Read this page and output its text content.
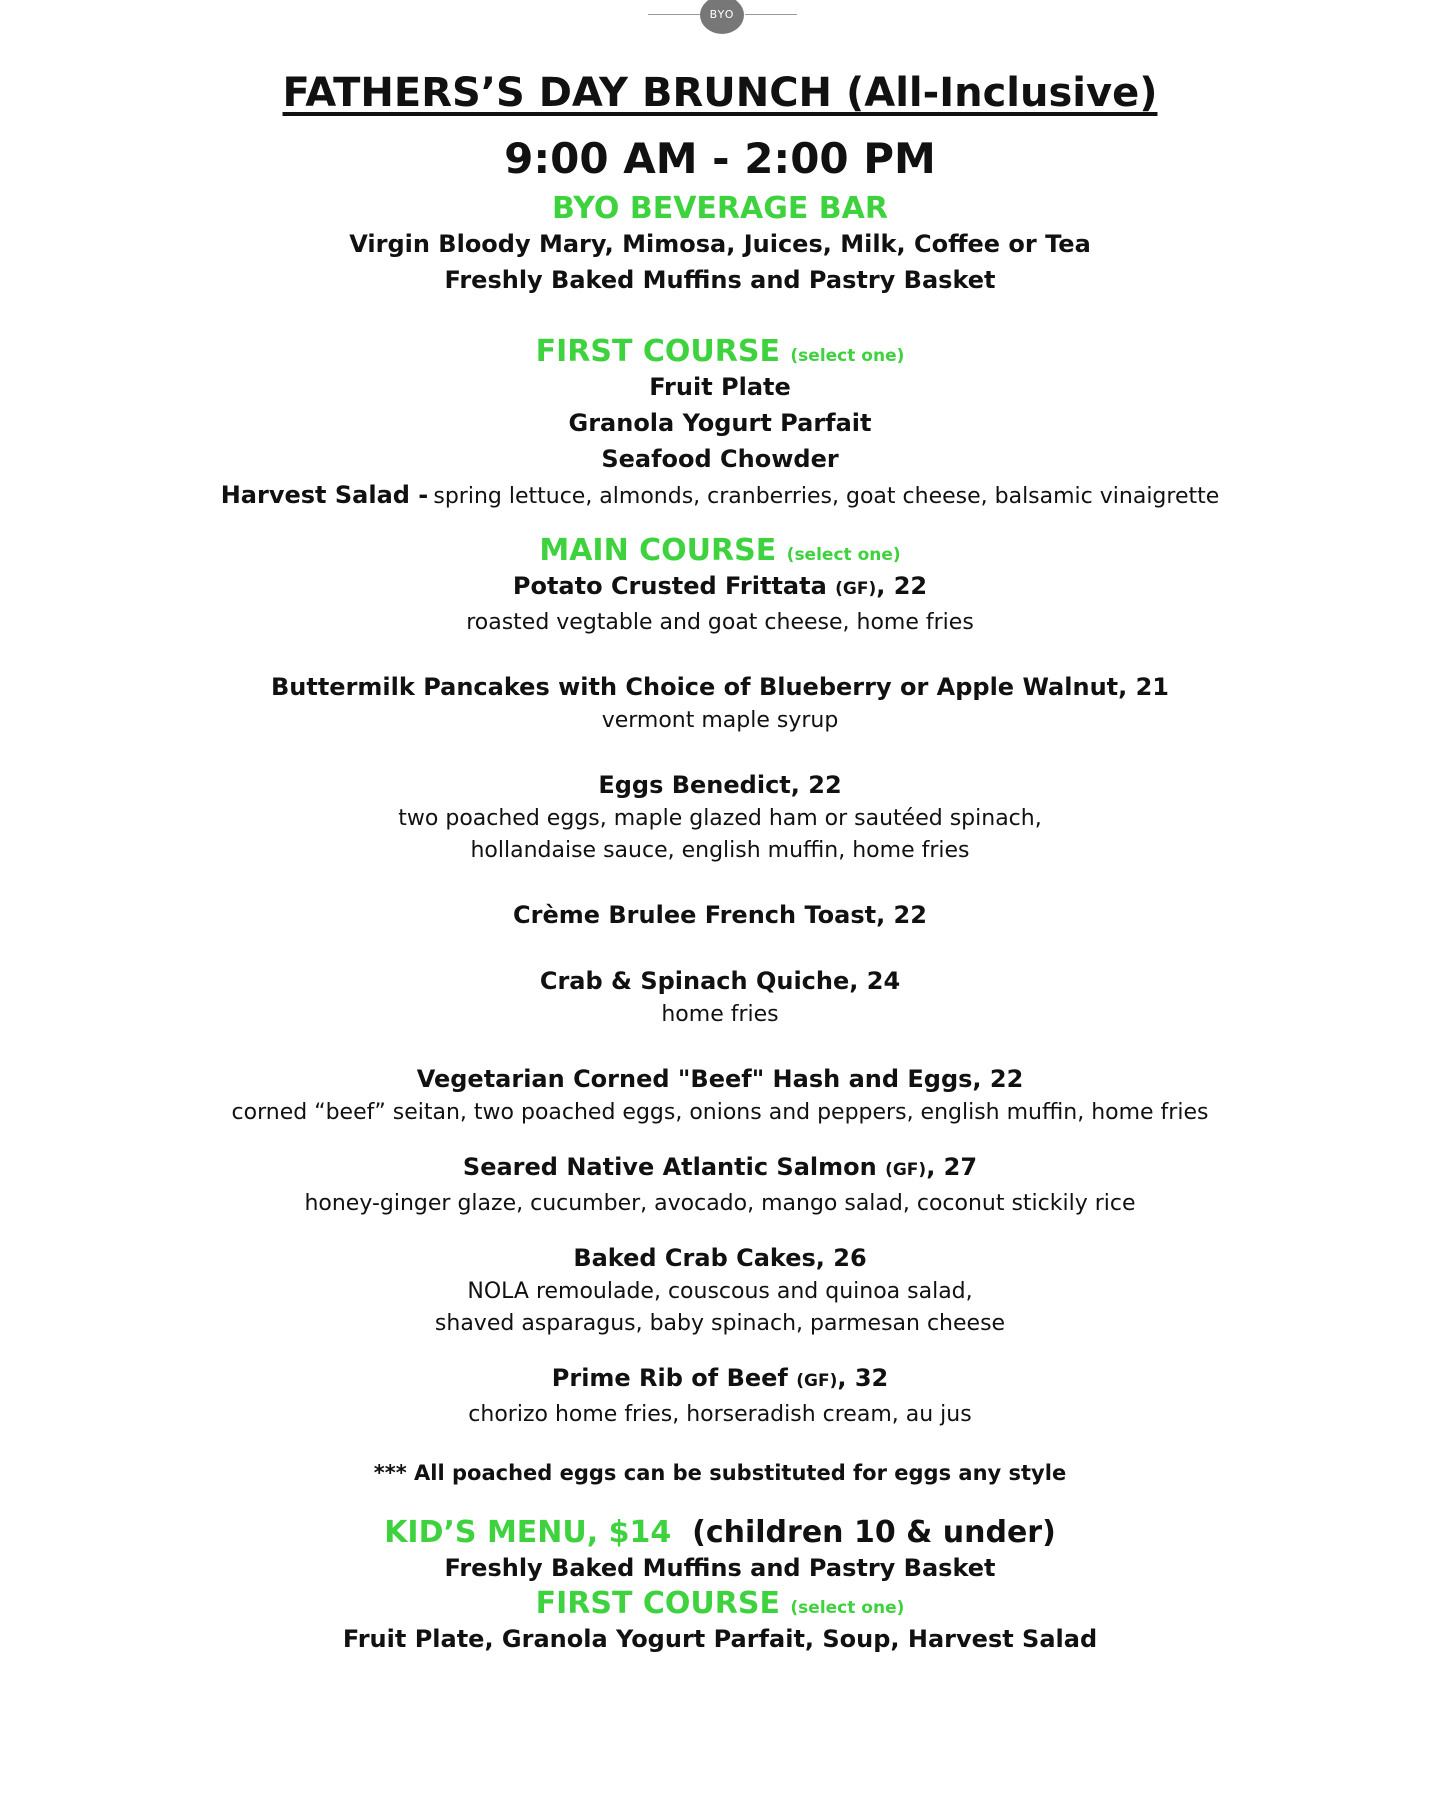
BYO
FATHERS’S DAY BRUNCH (All-Inclusive)
9:00 AM - 2:00 PM
BYO BEVERAGE BAR
Virgin Bloody Mary, Mimosa, Juices, Milk, Coffee or Tea
Freshly Baked Muffins and Pastry Basket
FIRST COURSE (select one)
Fruit Plate
Granola Yogurt Parfait
Seafood Chowder
Harvest Salad - spring lettuce, almonds, cranberries, goat cheese, balsamic vinaigrette
MAIN COURSE (select one)
Potato Crusted Frittata (GF), 22
roasted vegtable and goat cheese, home fries
Buttermilk Pancakes with Choice of Blueberry or Apple Walnut, 21
vermont maple syrup
Eggs Benedict, 22
two poached eggs, maple glazed ham or sautéed spinach,
hollandaise sauce, english muffin, home fries
Crème Brulee French Toast, 22
Crab & Spinach Quiche, 24
home fries
Vegetarian Corned "Beef" Hash and Eggs, 22
corned “beef” seitan, two poached eggs, onions and peppers, english muffin, home fries
Seared Native Atlantic Salmon (GF), 27
honey-ginger glaze, cucumber, avocado, mango salad, coconut stickily rice
Baked Crab Cakes, 26
NOLA remoulade, couscous and quinoa salad,
shaved asparagus, baby spinach, parmesan cheese
Prime Rib of Beef (GF), 32
chorizo home fries, horseradish cream, au jus
*** All poached eggs can be substituted for eggs any style
KID’S MENU, $14 (children 10 & under)
Freshly Baked Muffins and Pastry Basket
FIRST COURSE (select one)
Fruit Plate, Granola Yogurt Parfait, Soup, Harvest Salad
